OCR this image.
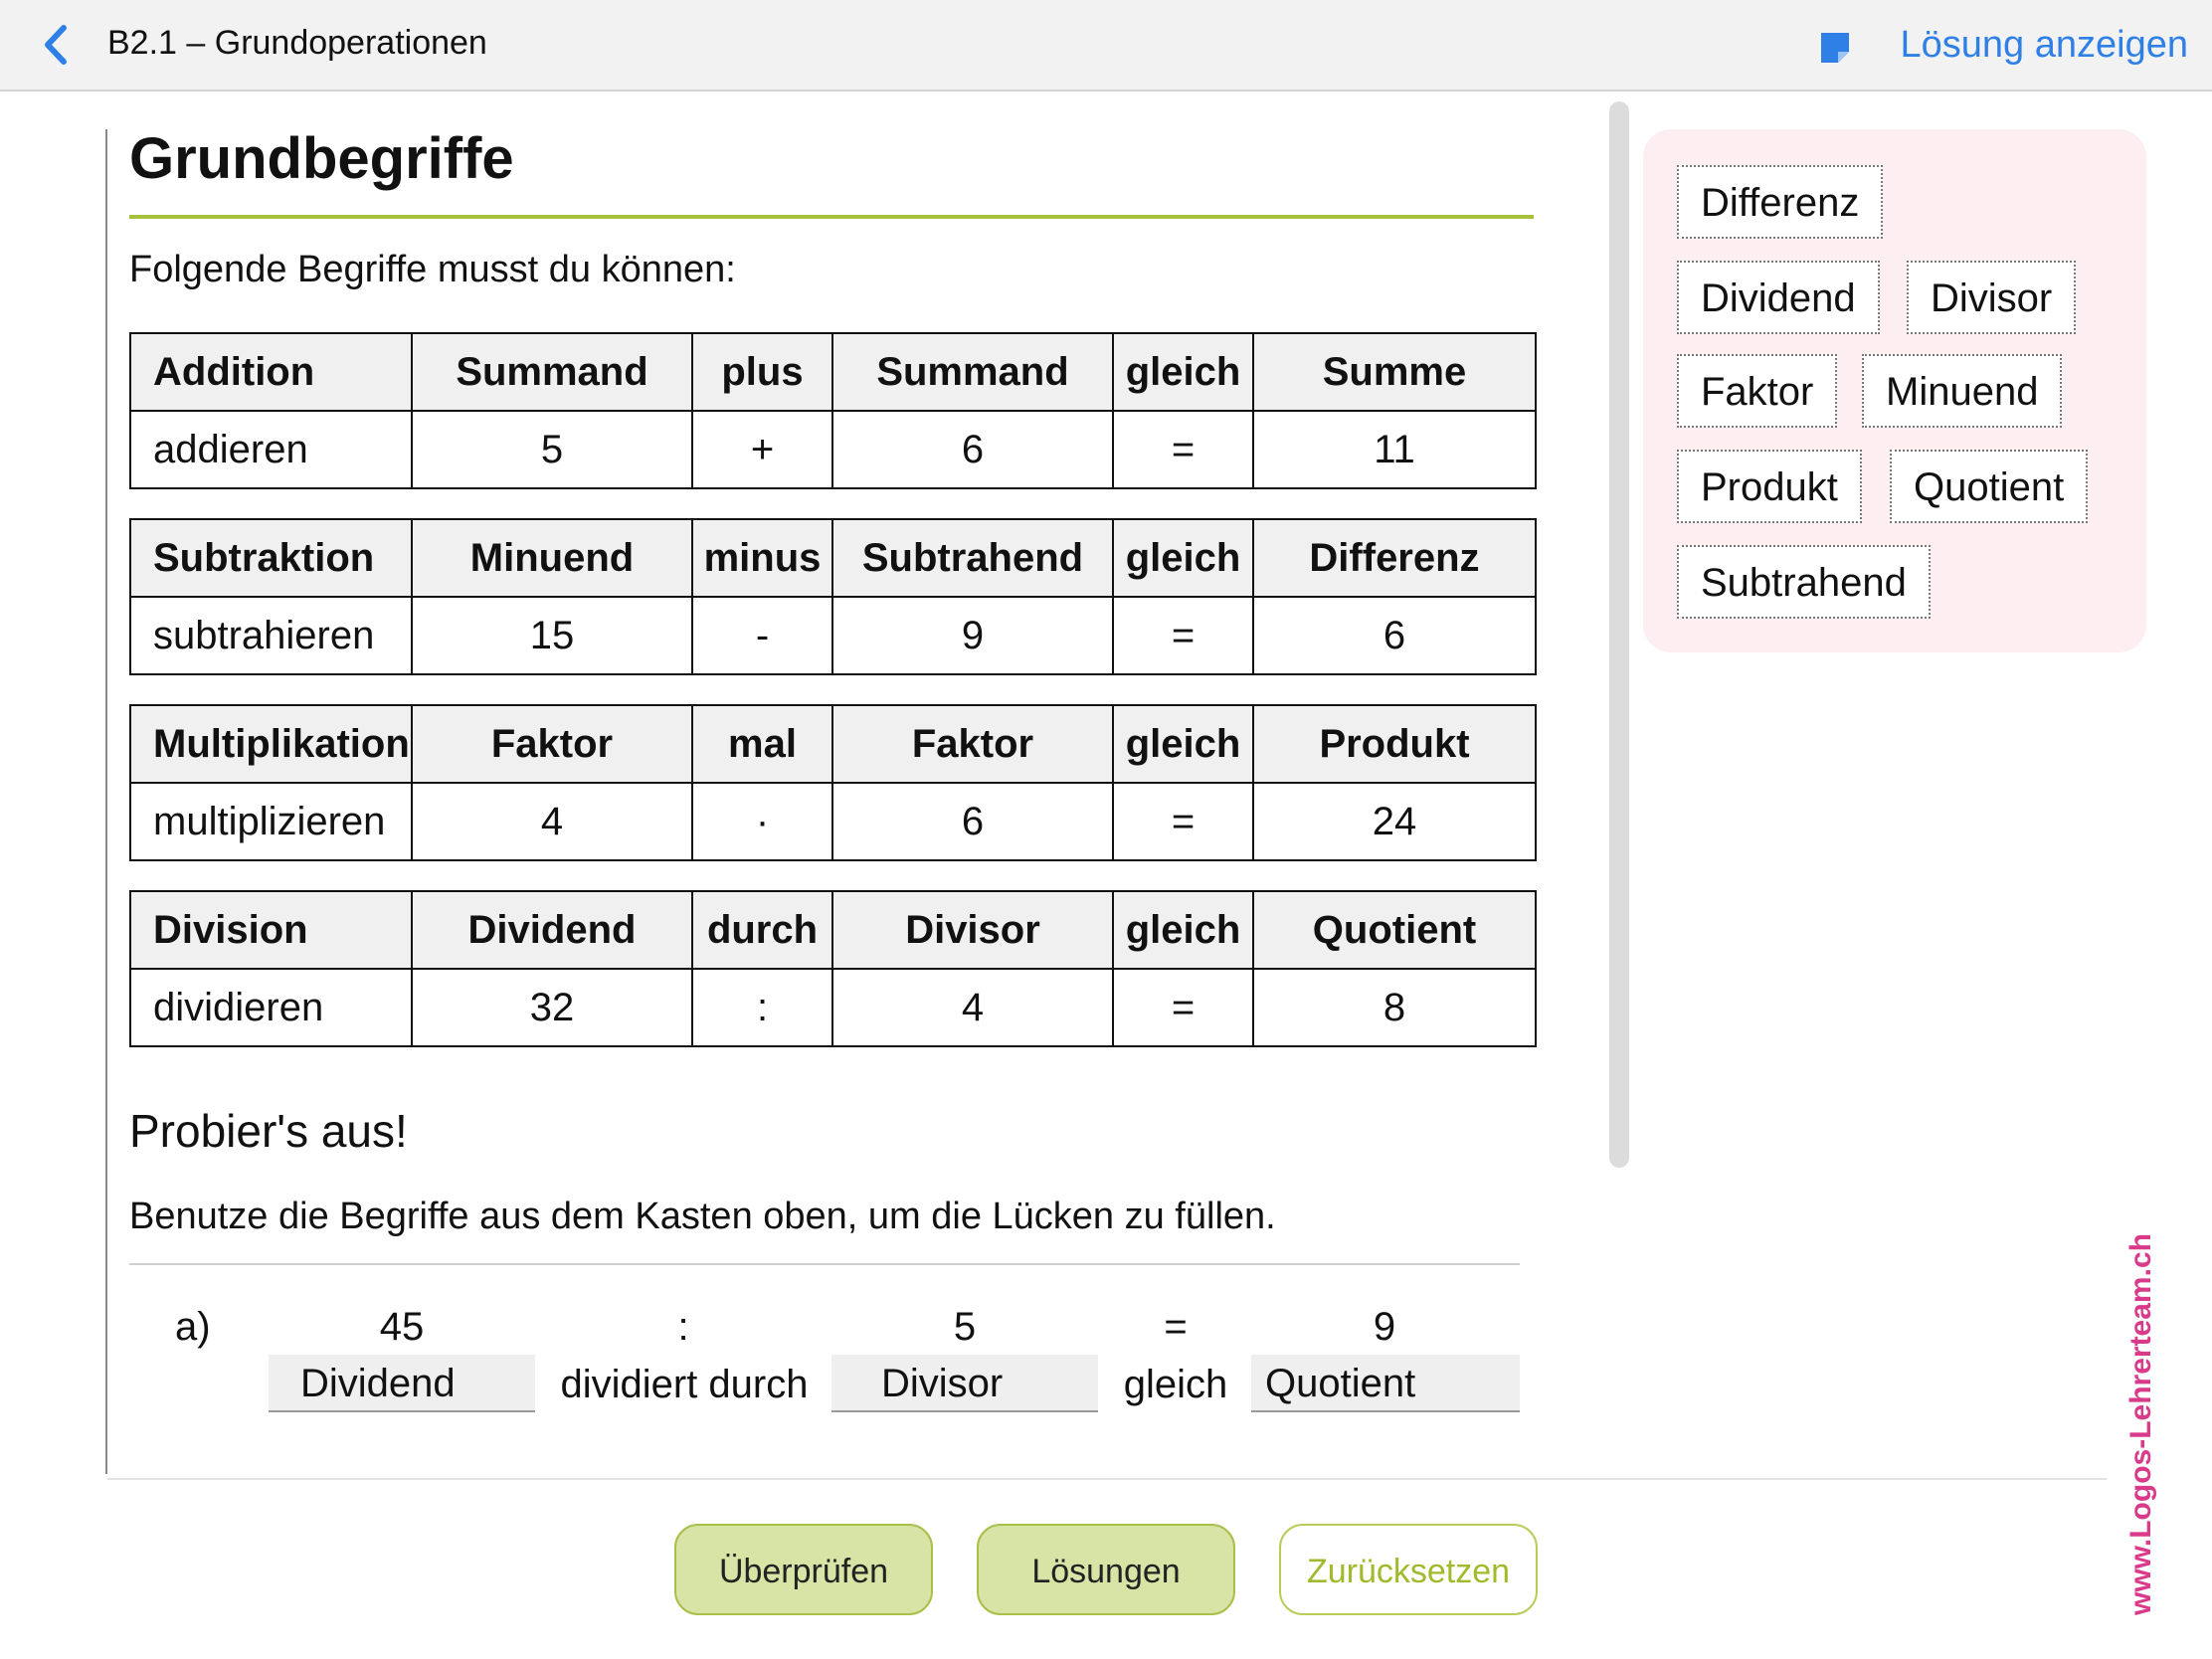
B2.1 – Grundoperationen	Lösung anzeigen
Grundbegriffe
Folgende Begriffe musst du können:
Addition	Summand	plus	Summand	gleich	Summe
addieren	5	+	6	=	11
Subtraktion	Minuend	minus	Subtrahend	gleich	Differenz
subtrahieren	15	-	9	=	6
Multiplikation	Faktor	mal	Faktor	gleich	Produkt
multiplizieren	4	·	6	=	24
Division	Dividend	durch	Divisor	gleich	Quotient
dividieren	32	:	4	=	8
Probier's aus!
Benutze die Begriffe aus dem Kasten oben, um die Lücken zu füllen.
a)	45	:	5	=	9
Dividend	dividiert durch	Divisor	gleich Quotient
Überprüfen	Lösungen	Zurücksetzen
Differenz
Dividend	Divisor
Faktor	Minuend
Produkt	Quotient
Subtrahend
www.Logos-Lehrerteam.ch
